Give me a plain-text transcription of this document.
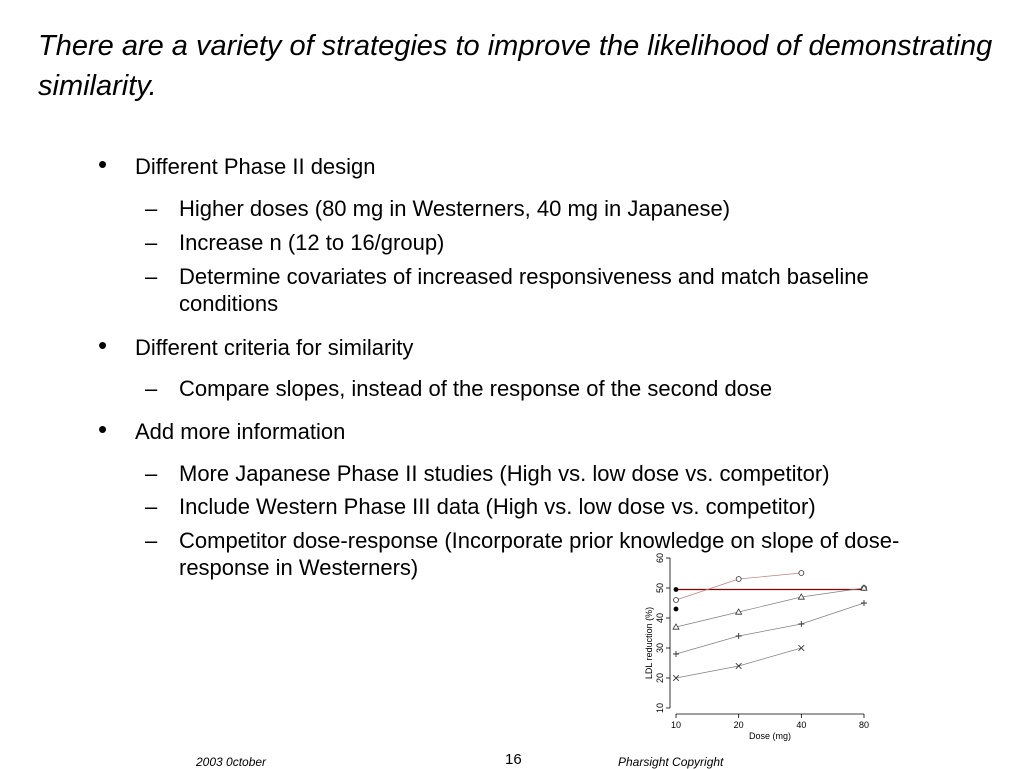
There are a variety of strategies to improve the likelihood of demonstrating similarity.
• Different Phase II design
– Higher doses (80 mg in Westerners, 40 mg in Japanese)
– Increase n (12 to 16/group)
– Determine covariates of increased responsiveness and match baseline conditions
• Different criteria for similarity
– Compare slopes, instead of the response of the second dose
• Add more information
– More Japanese Phase II studies (High vs. low dose vs. competitor)
– Include Western Phase III data (High vs. low dose vs. competitor)
– Competitor dose-response (Incorporate prior knowledge on slope of dose-response in Westerners)
10
20
30
40
50
60
10	20	40	80
Dose (mg)
LDL reduction (%)
2003 0ctober	16	Pharsight Copyright
